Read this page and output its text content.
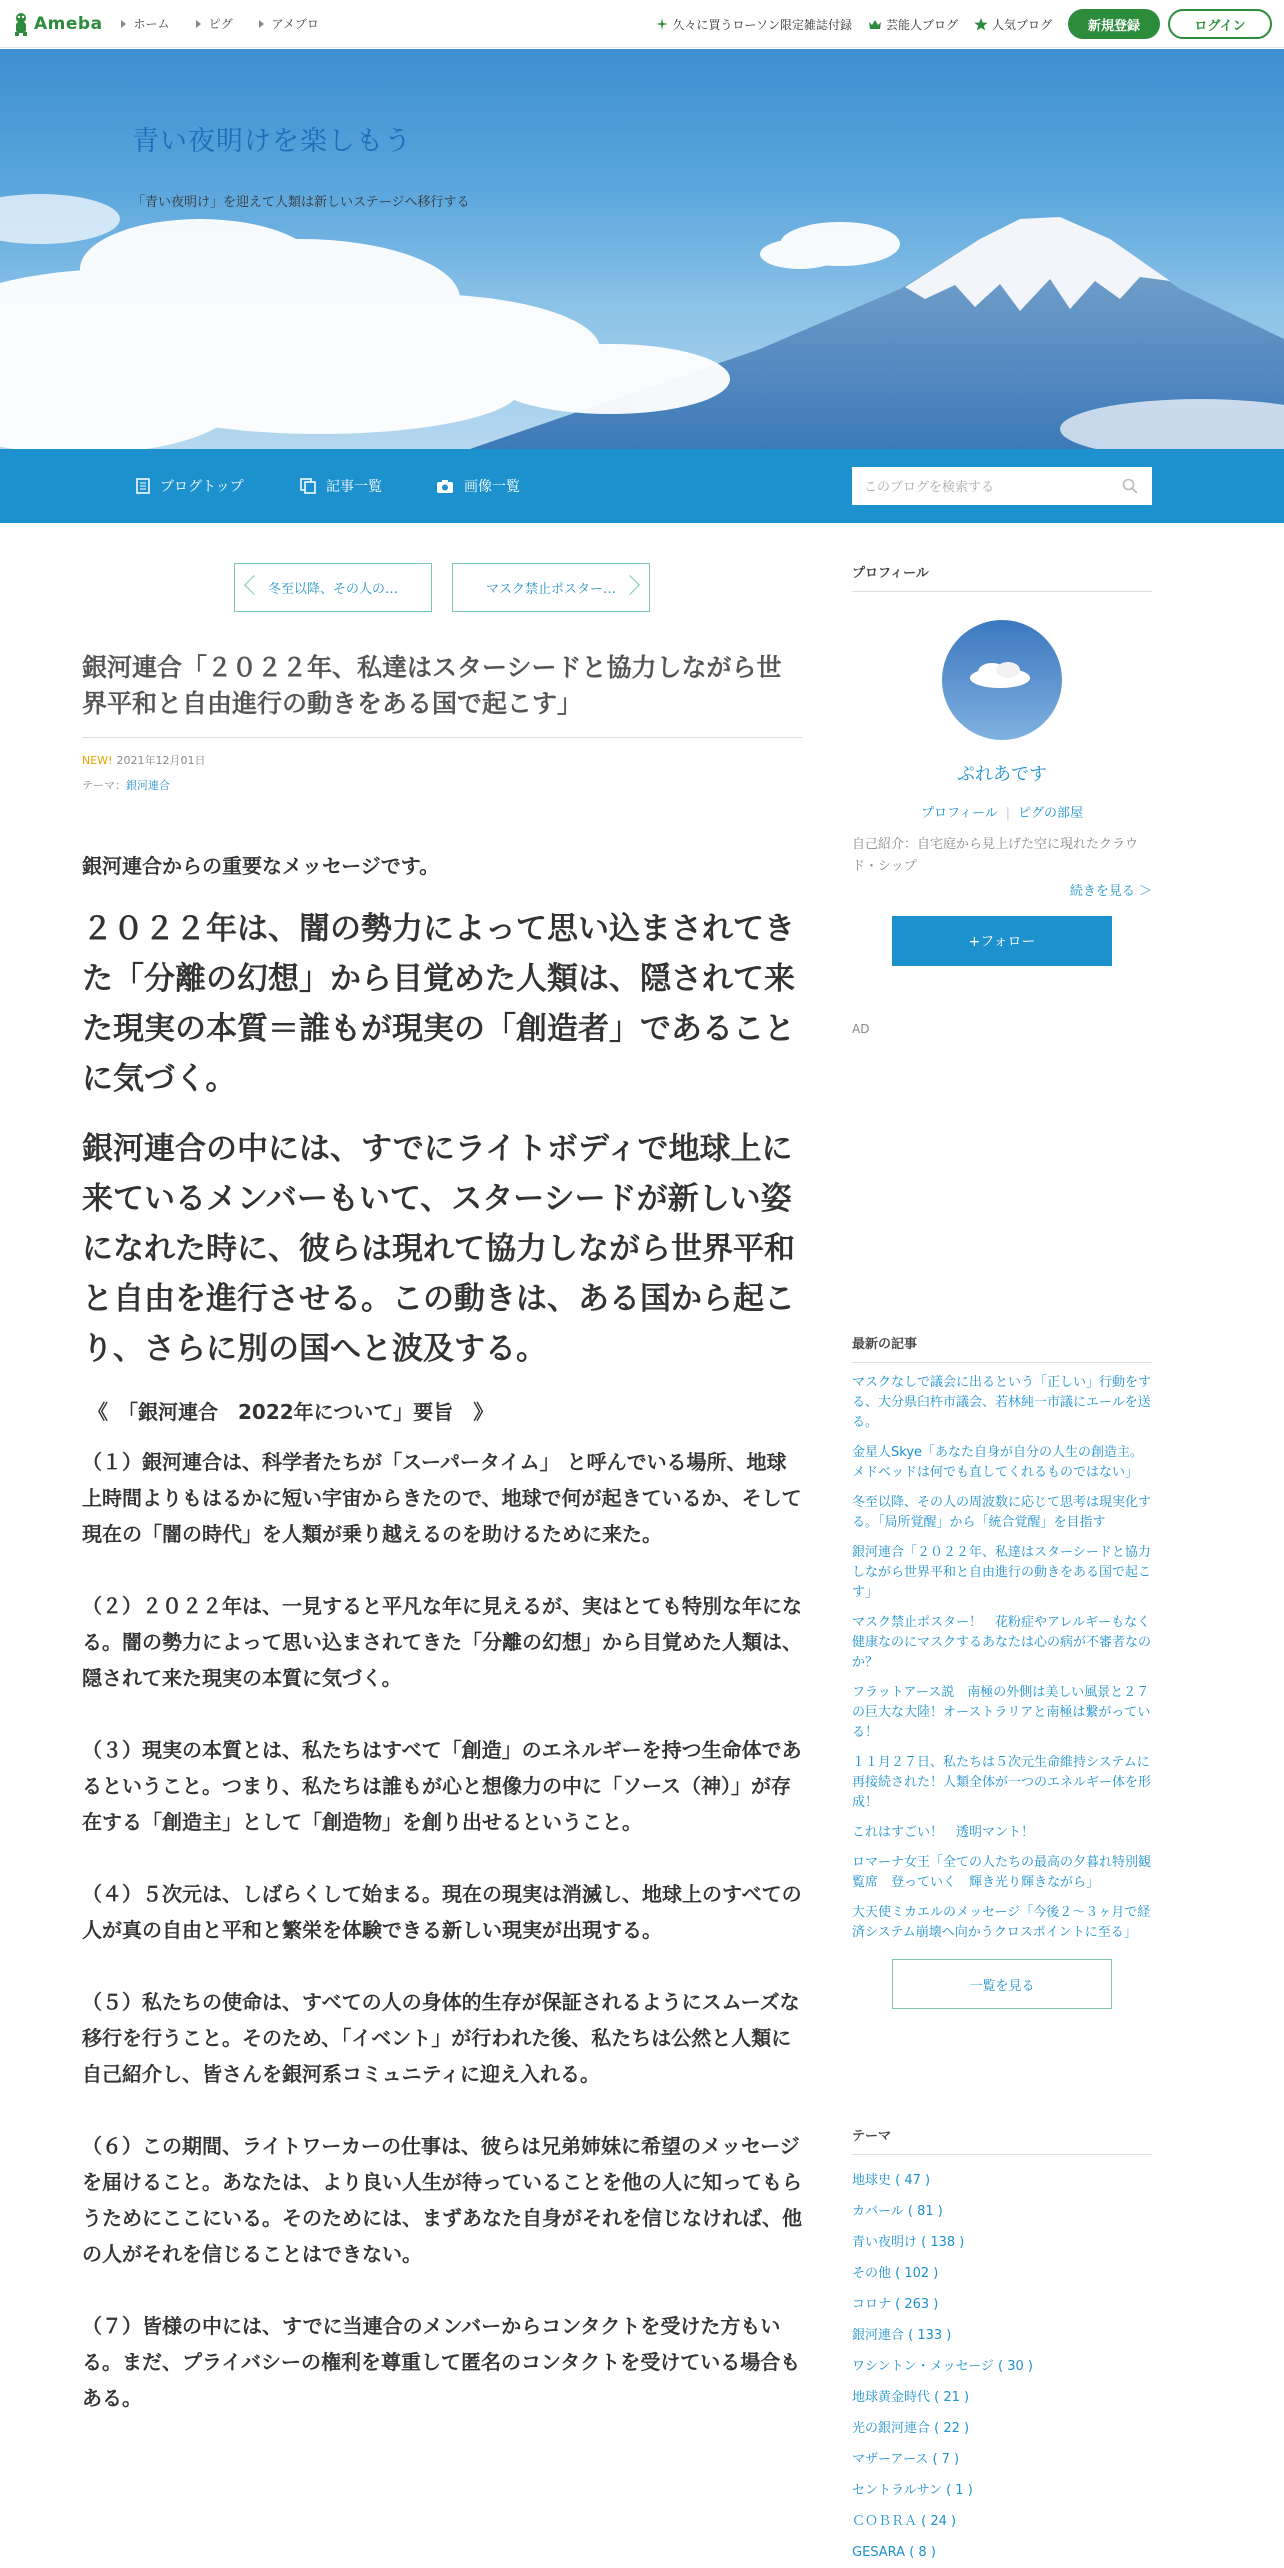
Ameba	ホーム	ピグ	アメブロ	久々に買うローソン限定雑誌付録	芸能人ブログ	人気ブログ	新規登録	ログイン
青い夜明けを楽しもう
「青い夜明け」を迎えて人類は新しいステージへ移行する
ブログトップ	記事一覧	画像一覧
このブログを検索する
冬至以降、その人の…	マスク禁止ポスター…
銀河連合「２０２２年、私達はスターシードと協力しながら世界平和と自由進行の動きをある国で起こす」
NEW! 2021年12月01日
テーマ：銀河連合

銀河連合からの重要なメッセージです。

２０２２年は、闇の勢力によって思い込まされてきた「分離の幻想」から目覚めた人類は、隠されて来た現実の本質＝誰もが現実の「創造者」であることに気づく。

銀河連合の中には、すでにライトボディで地球上に来ているメンバーもいて、スターシードが新しい姿になれた時に、彼らは現れて協力しながら世界平和と自由を進行させる。この動きは、ある国から起こり、さらに別の国へと波及する。

《　「銀河連合　2022年について」要旨　》

（１）銀河連合は、科学者たちが「スーパータイム」 と呼んでいる場所、地球上時間よりもはるかに短い宇宙からきたので、地球で何が起きているか、そして現在の「闇の時代」を人類が乗り越えるのを助けるために来た。

（２）２０２２年は、一見すると平凡な年に見えるが、実はとても特別な年になる。闇の勢力によって思い込まされてきた「分離の幻想」から目覚めた人類は、隠されて来た現実の本質に気づく。

（３）現実の本質とは、私たちはすべて「創造」のエネルギーを持つ生命体であるということ。つまり、私たちは誰もが心と想像力の中に「ソース（神）」が存在する「創造主」として「創造物」を創り出せるということ。

（４）５次元は、しばらくして始まる。現在の現実は消滅し、地球上のすべての人が真の自由と平和と繁栄を体験できる新しい現実が出現する。

（５）私たちの使命は、すべての人の身体的生存が保証されるようにスムーズな移行を行うこと。そのため、「イベント」が行われた後、私たちは公然と人類に自己紹介し、皆さんを銀河系コミュニティに迎え入れる。

（６）この期間、ライトワーカーの仕事は、彼らは兄弟姉妹に希望のメッセージを届けること。あなたは、より良い人生が待っていることを他の人に知ってもらうためにここにいる。そのためには、まずあなた自身がそれを信じなければ、他の人がそれを信じることはできない。

（７）皆様の中には、すでに当連合のメンバーからコンタクトを受けた方もいる。まだ、プライバシーの権利を尊重して匿名のコンタクトを受けている場合もある。

プロフィール
ぷれあです
プロフィール | ピグの部屋
自己紹介：自宅庭から見上げた空に現れたクラウド・シップ
続きを見る ＞
+フォロー
AD
最新の記事
マスクなしで議会に出るという「正しい」行動をする、大分県臼杵市議会、若林純一市議にエールを送る。
金星人Skye「あなた自身が自分の人生の創造主。メドベッドは何でも直してくれるものではない」
冬至以降、その人の周波数に応じて思考は現実化する。「局所覚醒」から「統合覚醒」を目指す
銀河連合「２０２２年、私達はスターシードと協力しながら世界平和と自由進行の動きをある国で起こす」
マスク禁止ポスター！　花粉症やアレルギーもなく健康なのにマスクするあなたは心の病が不審者なのか？
フラットアース説　南極の外側は美しい風景と２７の巨大な大陸！オーストラリアと南極は繋がっている！
１１月２７日、私たちは５次元生命維持システムに再接続された！人類全体が一つのエネルギー体を形成！
これはすごい！　透明マント！
ロマーナ女王「全ての人たちの最高の夕暮れ特別観覧席　登っていく　輝き光り輝きながら」
大天使ミカエルのメッセージ「今後２～３ヶ月で経済システム崩壊へ向かうクロスポイントに至る」
一覧を見る
テーマ
地球史 ( 47 )
カバール ( 81 )
青い夜明け ( 138 )
その他 ( 102 )
コロナ ( 263 )
銀河連合 ( 133 )
ワシントン・メッセージ ( 30 )
地球黄金時代 ( 21 )
光の銀河連合 ( 22 )
マザーアース ( 7 )
セントラルサン ( 1 )
ＣＯＢＲＡ ( 24 )
GESARA ( 8 )
